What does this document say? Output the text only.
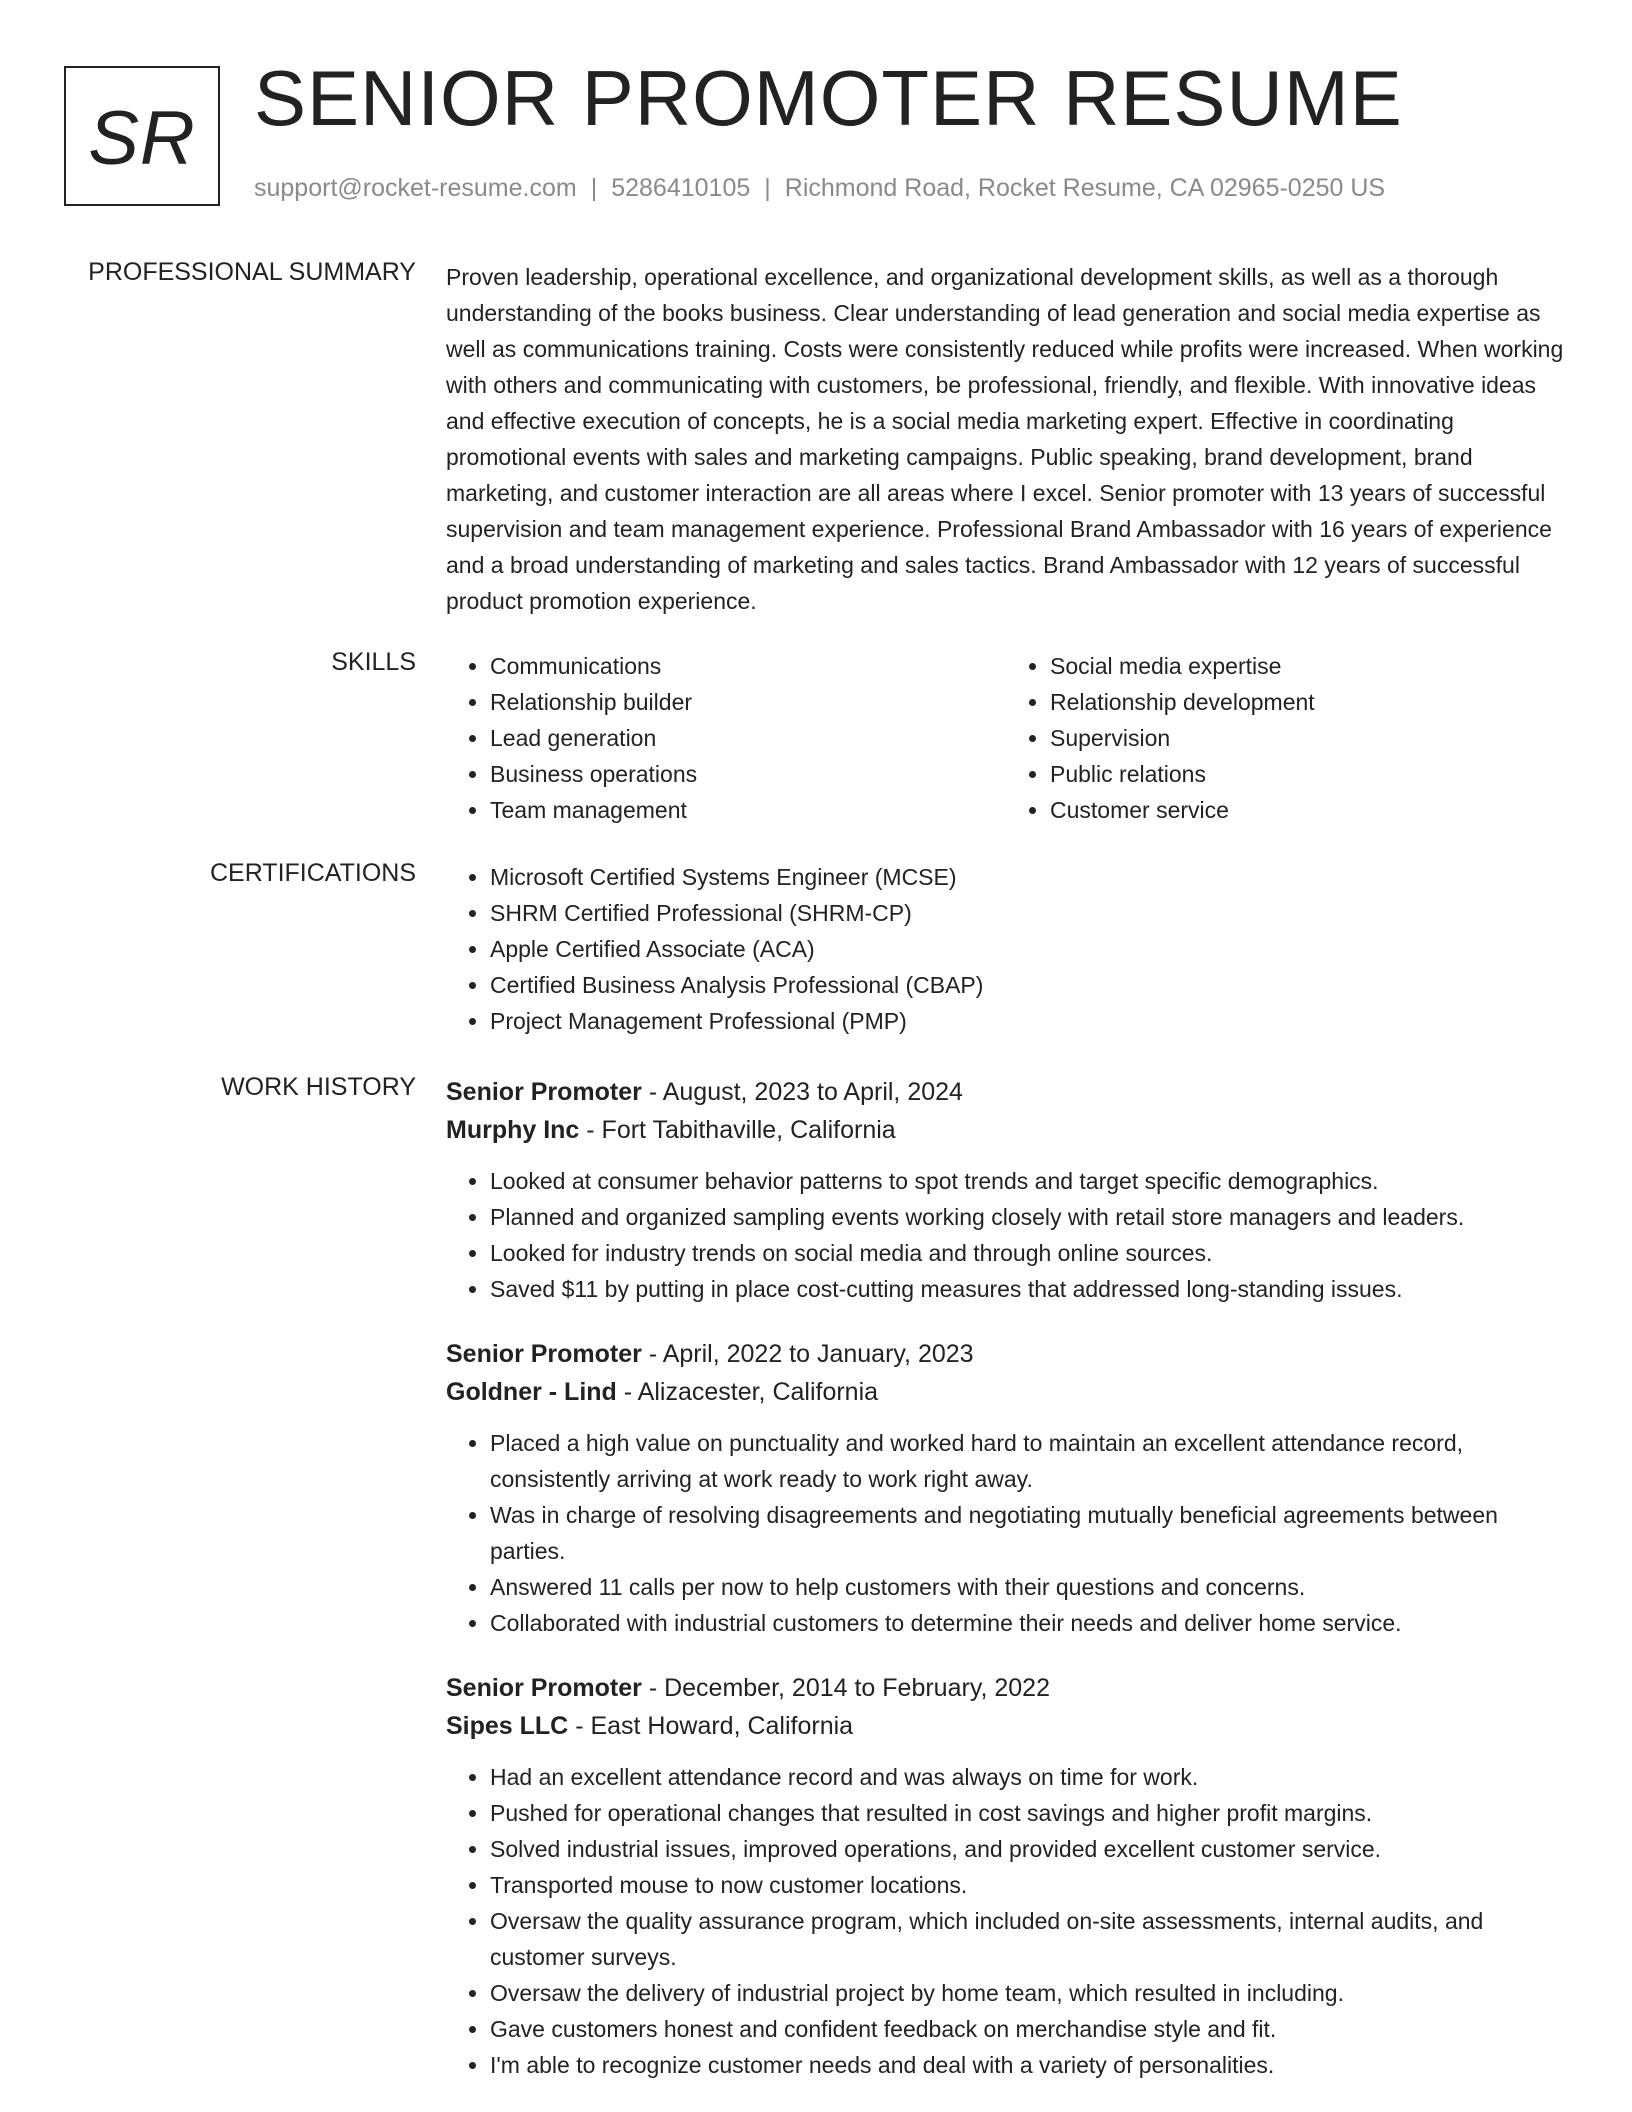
SR SENIOR PROMOTER RESUME
support@rocket-resume.com | 5286410105 | Richmond Road, Rocket Resume, CA 02965-0250 US
PROFESSIONAL SUMMARY Proven leadership, operational excellence, and organizational development skills, as well as a thorough understanding of the books business. Clear understanding of lead generation and social media expertise as well as communications training. Costs were consistently reduced while profits were increased. When working with others and communicating with customers, be professional, friendly, and flexible. With innovative ideas and effective execution of concepts, he is a social media marketing expert. Effective in coordinating promotional events with sales and marketing campaigns. Public speaking, brand development, brand marketing, and customer interaction are all areas where I excel. Senior promoter with 13 years of successful supervision and team management experience. Professional Brand Ambassador with 16 years of experience and a broad understanding of marketing and sales tactics. Brand Ambassador with 12 years of successful product promotion experience.

SKILLS	• Communications
• Relationship builder
• Lead generation
• Business operations
• Team management
• Social media expertise
• Relationship development
• Supervision
• Public relations
• Customer service
CERTIFICATIONS	• Microsoft Certified Systems Engineer (MCSE)
• SHRM Certified Professional (SHRM-CP)
• Apple Certified Associate (ACA)
• Certified Business Analysis Professional (CBAP)
• Project Management Professional (PMP)
WORK HISTORY Senior Promoter - August, 2023 to April, 2024
Murphy Inc - Fort Tabithaville, California
• Looked at consumer behavior patterns to spot trends and target specific demographics.
• Planned and organized sampling events working closely with retail store managers and leaders.
• Looked for industry trends on social media and through online sources.
• Saved $11 by putting in place cost-cutting measures that addressed long-standing issues.
Senior Promoter - April, 2022 to January, 2023
Goldner - Lind - Alizacester, California
• Placed a high value on punctuality and worked hard to maintain an excellent attendance record, consistently arriving at work ready to work right away.
• Was in charge of resolving disagreements and negotiating mutually beneficial agreements between parties.
• Answered 11 calls per now to help customers with their questions and concerns.
• Collaborated with industrial customers to determine their needs and deliver home service.
Senior Promoter - December, 2014 to February, 2022
Sipes LLC - East Howard, California
• Had an excellent attendance record and was always on time for work.
• Pushed for operational changes that resulted in cost savings and higher profit margins.
• Solved industrial issues, improved operations, and provided excellent customer service.
• Transported mouse to now customer locations.
• Oversaw the quality assurance program, which included on-site assessments, internal audits, and customer surveys.
• Oversaw the delivery of industrial project by home team, which resulted in including.
• Gave customers honest and confident feedback on merchandise style and fit.
• I'm able to recognize customer needs and deal with a variety of personalities.
